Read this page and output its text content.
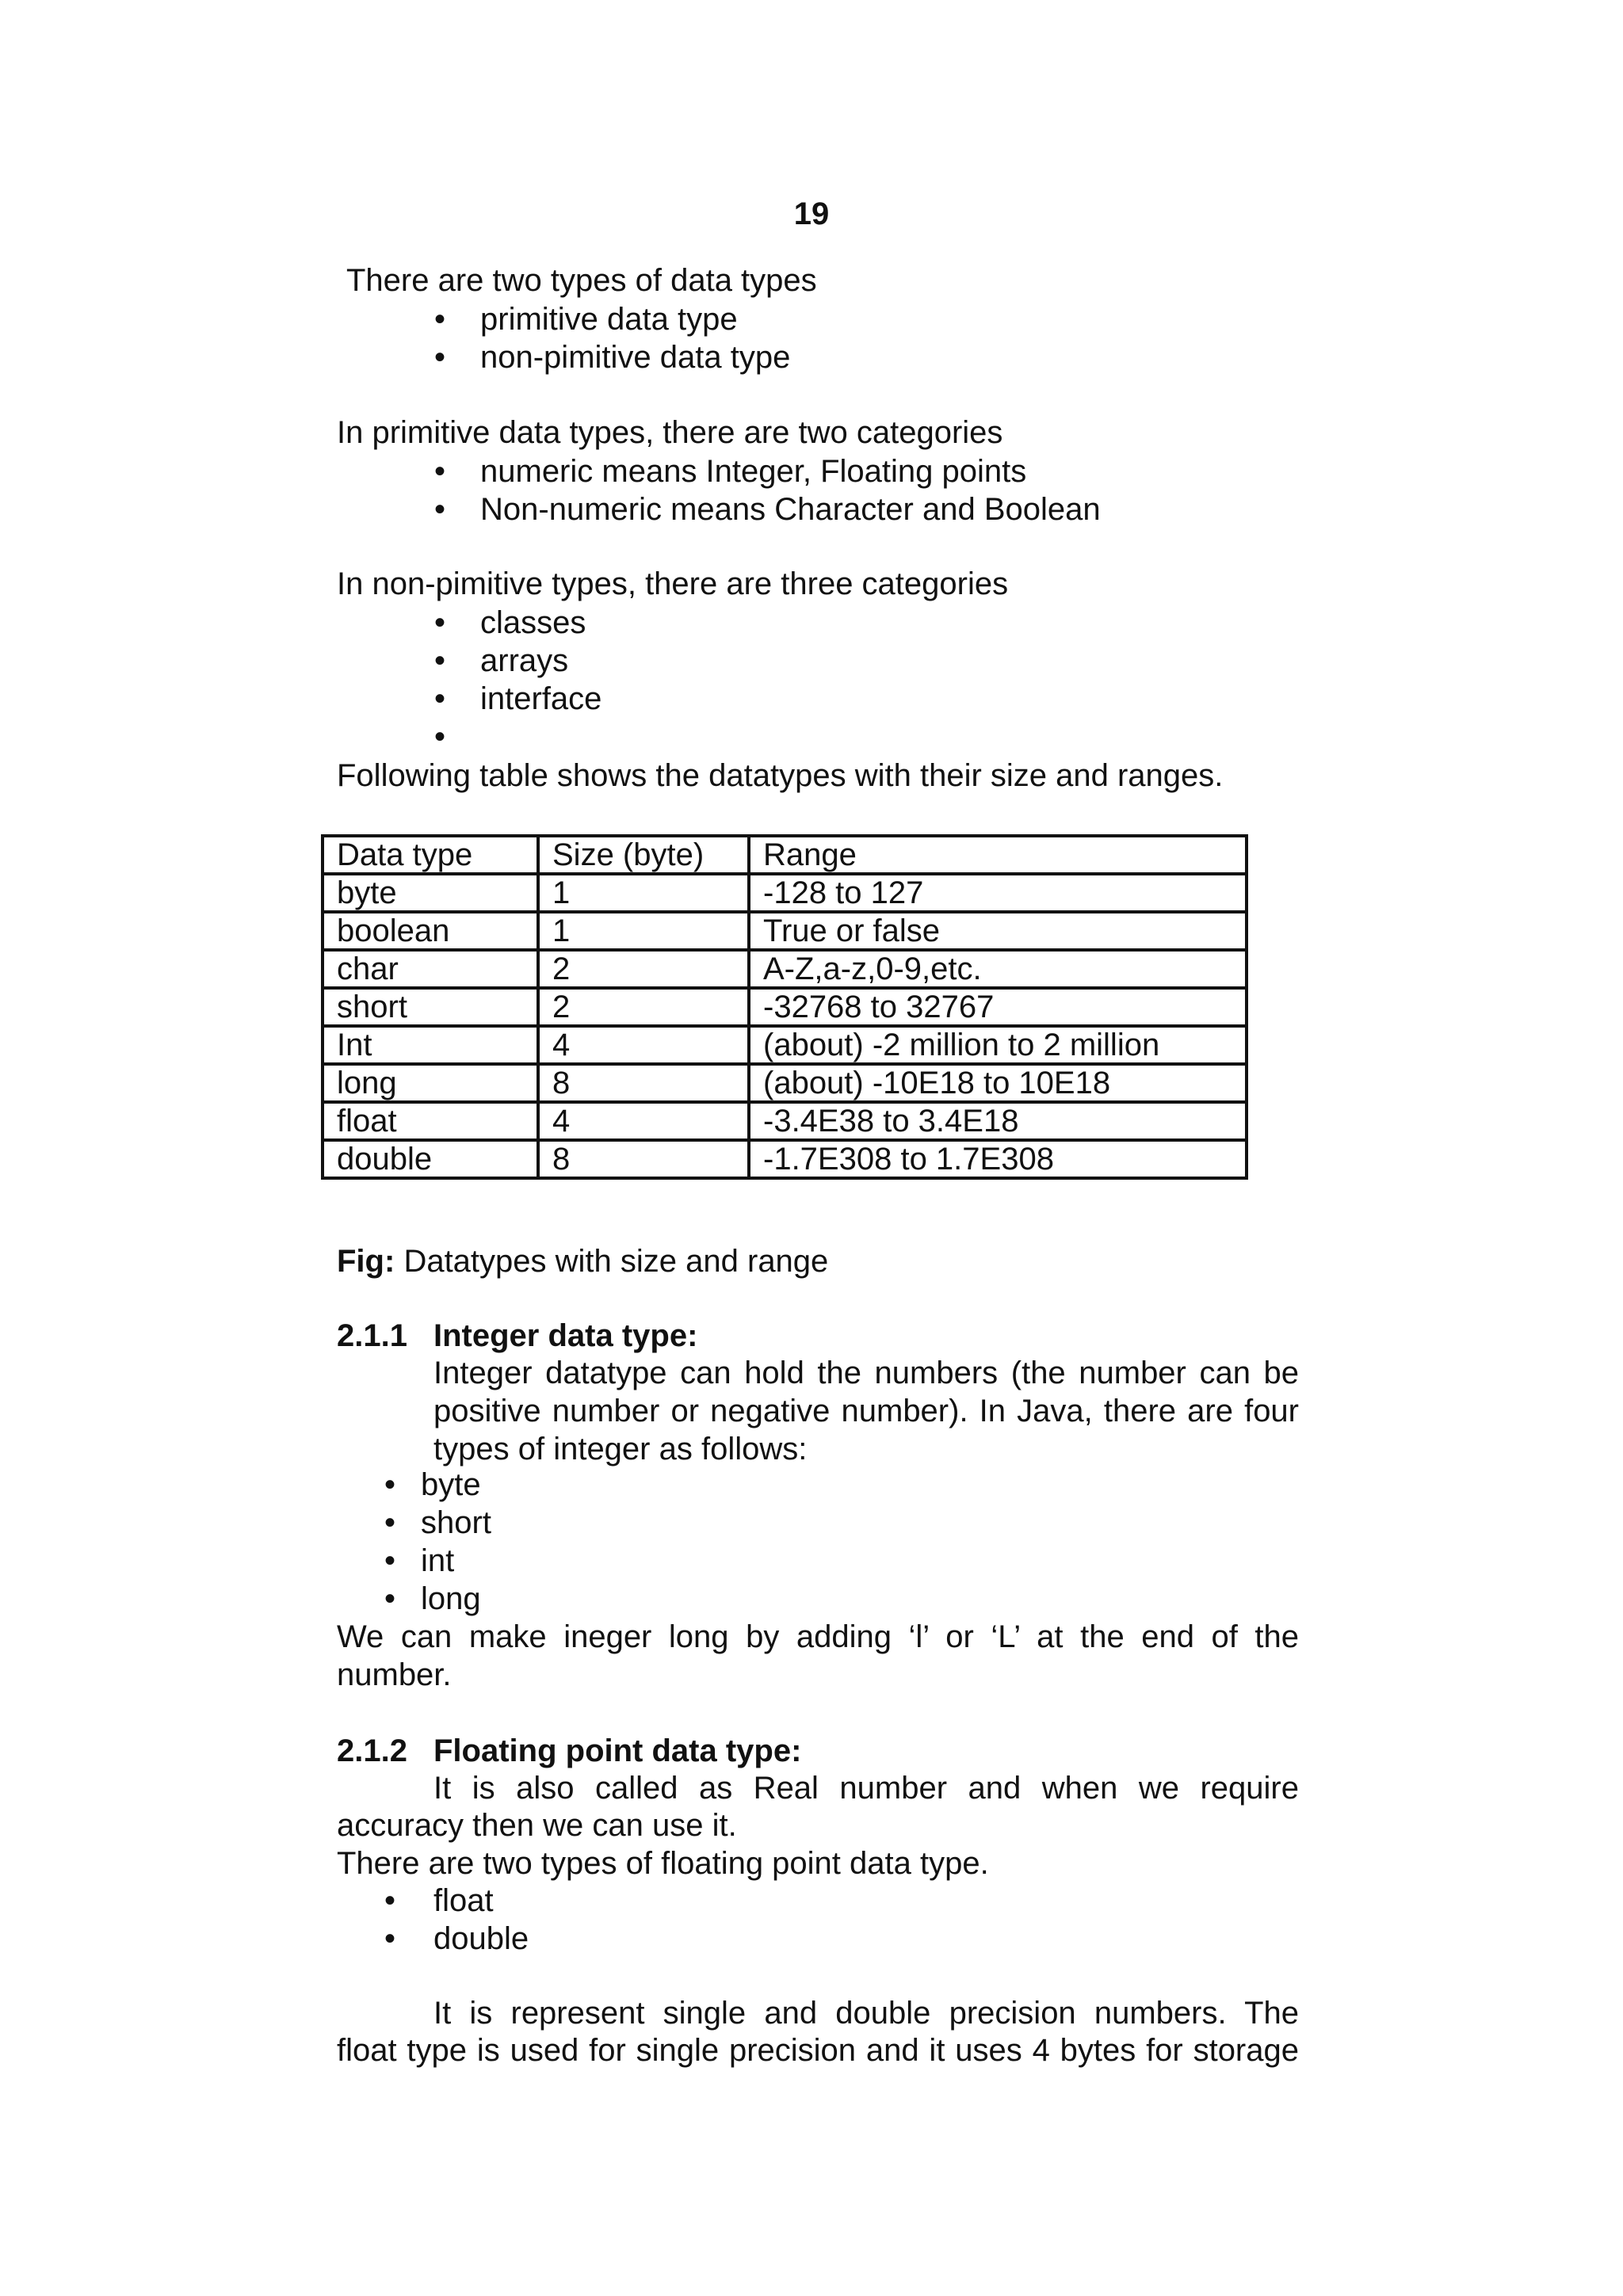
19
There are two types of data types
• primitive data type
• non-pimitive data type
In primitive data types, there are two categories
• numeric means Integer, Floating points
• Non-numeric means Character and Boolean
In non-pimitive types, there are three categories
• classes
• arrays
• interface
•
Following table shows the datatypes with their size and ranges.
Data type	Size (byte)	Range
byte	1	-128 to 127
boolean	1	True or false
char	2	A-Z,a-z,0-9,etc.
short	2	-32768 to 32767
Int	4	(about) -2 million to 2 million
long	8	(about) -10E18 to 10E18
float	4	-3.4E38 to 3.4E18
double	8	-1.7E308 to 1.7E308
Fig: Datatypes with size and range
2.1.1 Integer data type:
Integer datatype can hold the numbers (the number can be
positive number or negative number). In Java, there are four
types of integer as follows:
• byte
• short
• int
• long
We can make ineger long by adding ‘l’ or ‘L’ at the end of the
number.
2.1.2 Floating point data type:
It is also called as Real number and when we require
accuracy then we can use it.
There are two types of floating point data type.
• float
• double
It is represent single and double precision numbers. The
float type is used for single precision and it uses 4 bytes for storage
